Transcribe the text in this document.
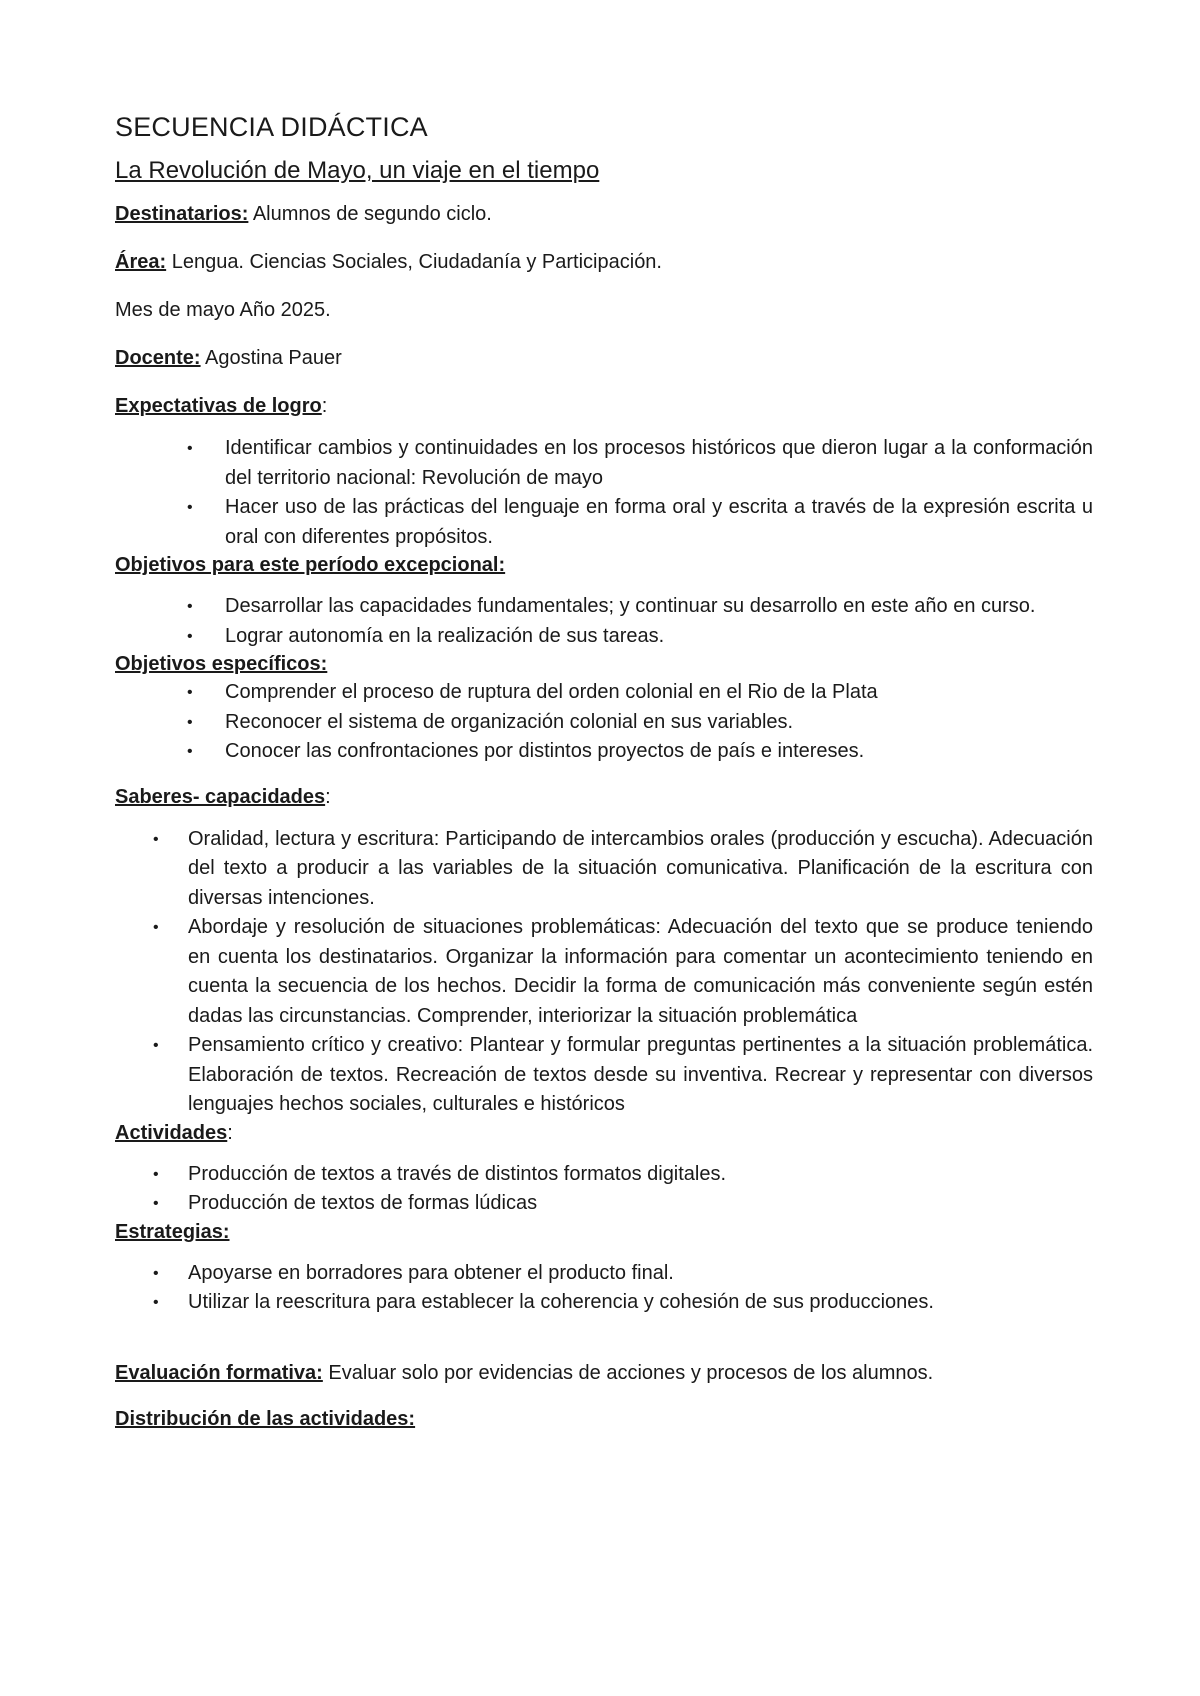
SECUENCIA DIDÁCTICA
La Revolución de Mayo, un viaje en el tiempo

Destinatarios: Alumnos de segundo ciclo.

Área: Lengua. Ciencias Sociales, Ciudadanía y Participación.

Mes de mayo Año 2025.

Docente: Agostina Pauer

Expectativas de logro:

• Identificar cambios y continuidades en los procesos históricos que dieron lugar a la conformación del territorio nacional: Revolución de mayo
• Hacer uso de las prácticas del lenguaje en forma oral y escrita a través de la expresión escrita u oral con diferentes propósitos.

Objetivos para este período excepcional:

• Desarrollar las capacidades fundamentales; y continuar su desarrollo en este año en curso.
• Lograr autonomía en la realización de sus tareas.

Objetivos específicos:

• Comprender el proceso de ruptura del orden colonial en el Rio de la Plata
• Reconocer el sistema de organización colonial en sus variables.
• Conocer las confrontaciones por distintos proyectos de país e intereses.

Saberes- capacidades:

• Oralidad, lectura y escritura: Participando de intercambios orales (producción y escucha). Adecuación del texto a producir a las variables de la situación comunicativa. Planificación de la escritura con diversas intenciones.
• Abordaje y resolución de situaciones problemáticas: Adecuación del texto que se produce teniendo en cuenta los destinatarios. Organizar la información para comentar un acontecimiento teniendo en cuenta la secuencia de los hechos. Decidir la forma de comunicación más conveniente según estén dadas las circunstancias. Comprender, interiorizar la situación problemática
• Pensamiento crítico y creativo: Plantear y formular preguntas pertinentes a la situación problemática. Elaboración de textos. Recreación de textos desde su inventiva. Recrear y representar con diversos lenguajes hechos sociales, culturales e históricos

Actividades:

• Producción de textos a través de distintos formatos digitales.
• Producción de textos de formas lúdicas

Estrategias:

• Apoyarse en borradores para obtener el producto final.
• Utilizar la reescritura para establecer la coherencia y cohesión de sus producciones.

Evaluación formativa: Evaluar solo por evidencias de acciones y procesos de los alumnos.

Distribución de las actividades:
